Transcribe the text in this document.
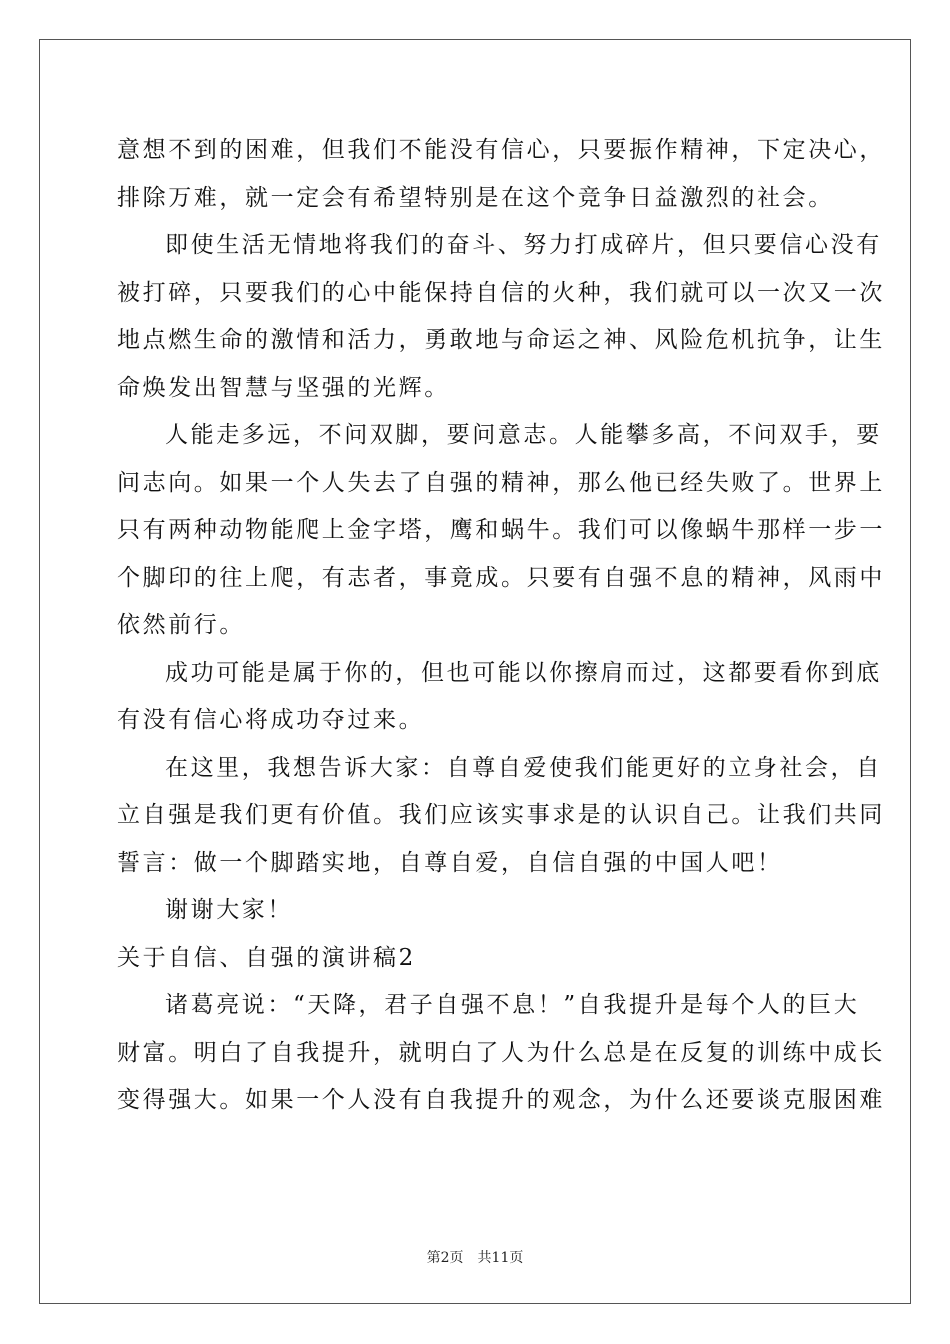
意想不到的困难，但我们不能没有信心，只要振作精神，下定决心，
排除万难，就一定会有希望特别是在这个竞争日益激烈的社会。
即使生活无情地将我们的奋斗、努力打成碎片，但只要信心没有
被打碎，只要我们的心中能保持自信的火种，我们就可以一次又一次
地点燃生命的激情和活力，勇敢地与命运之神、风险危机抗争，让生
命焕发出智慧与坚强的光辉。
人能走多远，不问双脚，要问意志。人能攀多高，不问双手，要
问志向。如果一个人失去了自强的精神，那么他已经失败了。世界上
只有两种动物能爬上金字塔，鹰和蜗牛。我们可以像蜗牛那样一步一
个脚印的往上爬，有志者，事竟成。只要有自强不息的精神，风雨中
依然前行。
成功可能是属于你的，但也可能以你擦肩而过，这都要看你到底
有没有信心将成功夺过来。
在这里，我想告诉大家：自尊自爱使我们能更好的立身社会，自
立自强是我们更有价值。我们应该实事求是的认识自己。让我们共同
誓言：做一个脚踏实地，自尊自爱，自信自强的中国人吧！
谢谢大家！
关于自信、自强的演讲稿2
诸葛亮说：“天降，君子自强不息！”自我提升是每个人的巨大
财富。明白了自我提升，就明白了人为什么总是在反复的训练中成长
变得强大。如果一个人没有自我提升的观念，为什么还要谈克服困难
第2页 共11页
